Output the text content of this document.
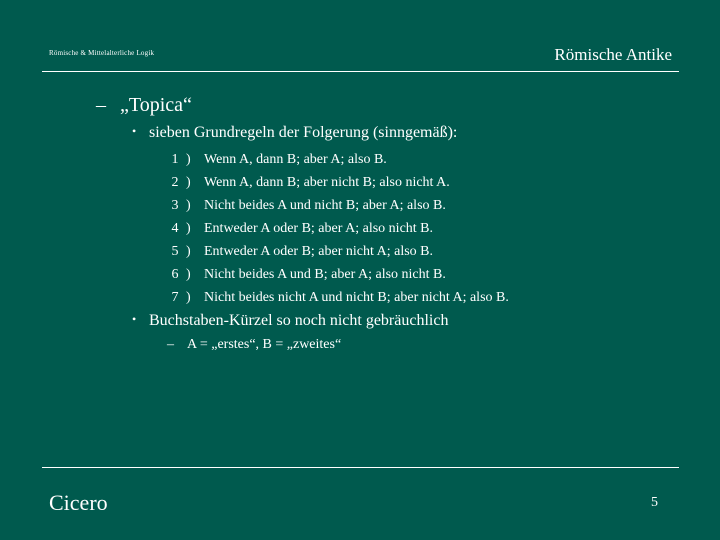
Römische & Mittelalterliche Logik	Römische Antike
– „Topica“
• sieben Grundregeln der Folgerung (sinngemäß):
1 ) Wenn A, dann B; aber A; also B.
2 ) Wenn A, dann B; aber nicht B; also nicht A.
3 ) Nicht beides A und nicht B; aber A; also B.
4 ) Entweder A oder B; aber A; also nicht B.
5 ) Entweder A oder B; aber nicht A; also B.
6 ) Nicht beides A und B; aber A; also nicht B.
7 ) Nicht beides nicht A und nicht B; aber nicht A; also B.
• Buchstaben-Kürzel so noch nicht gebräuchlich
– A = „erstes“, B = „zweites“
Cicero	5
